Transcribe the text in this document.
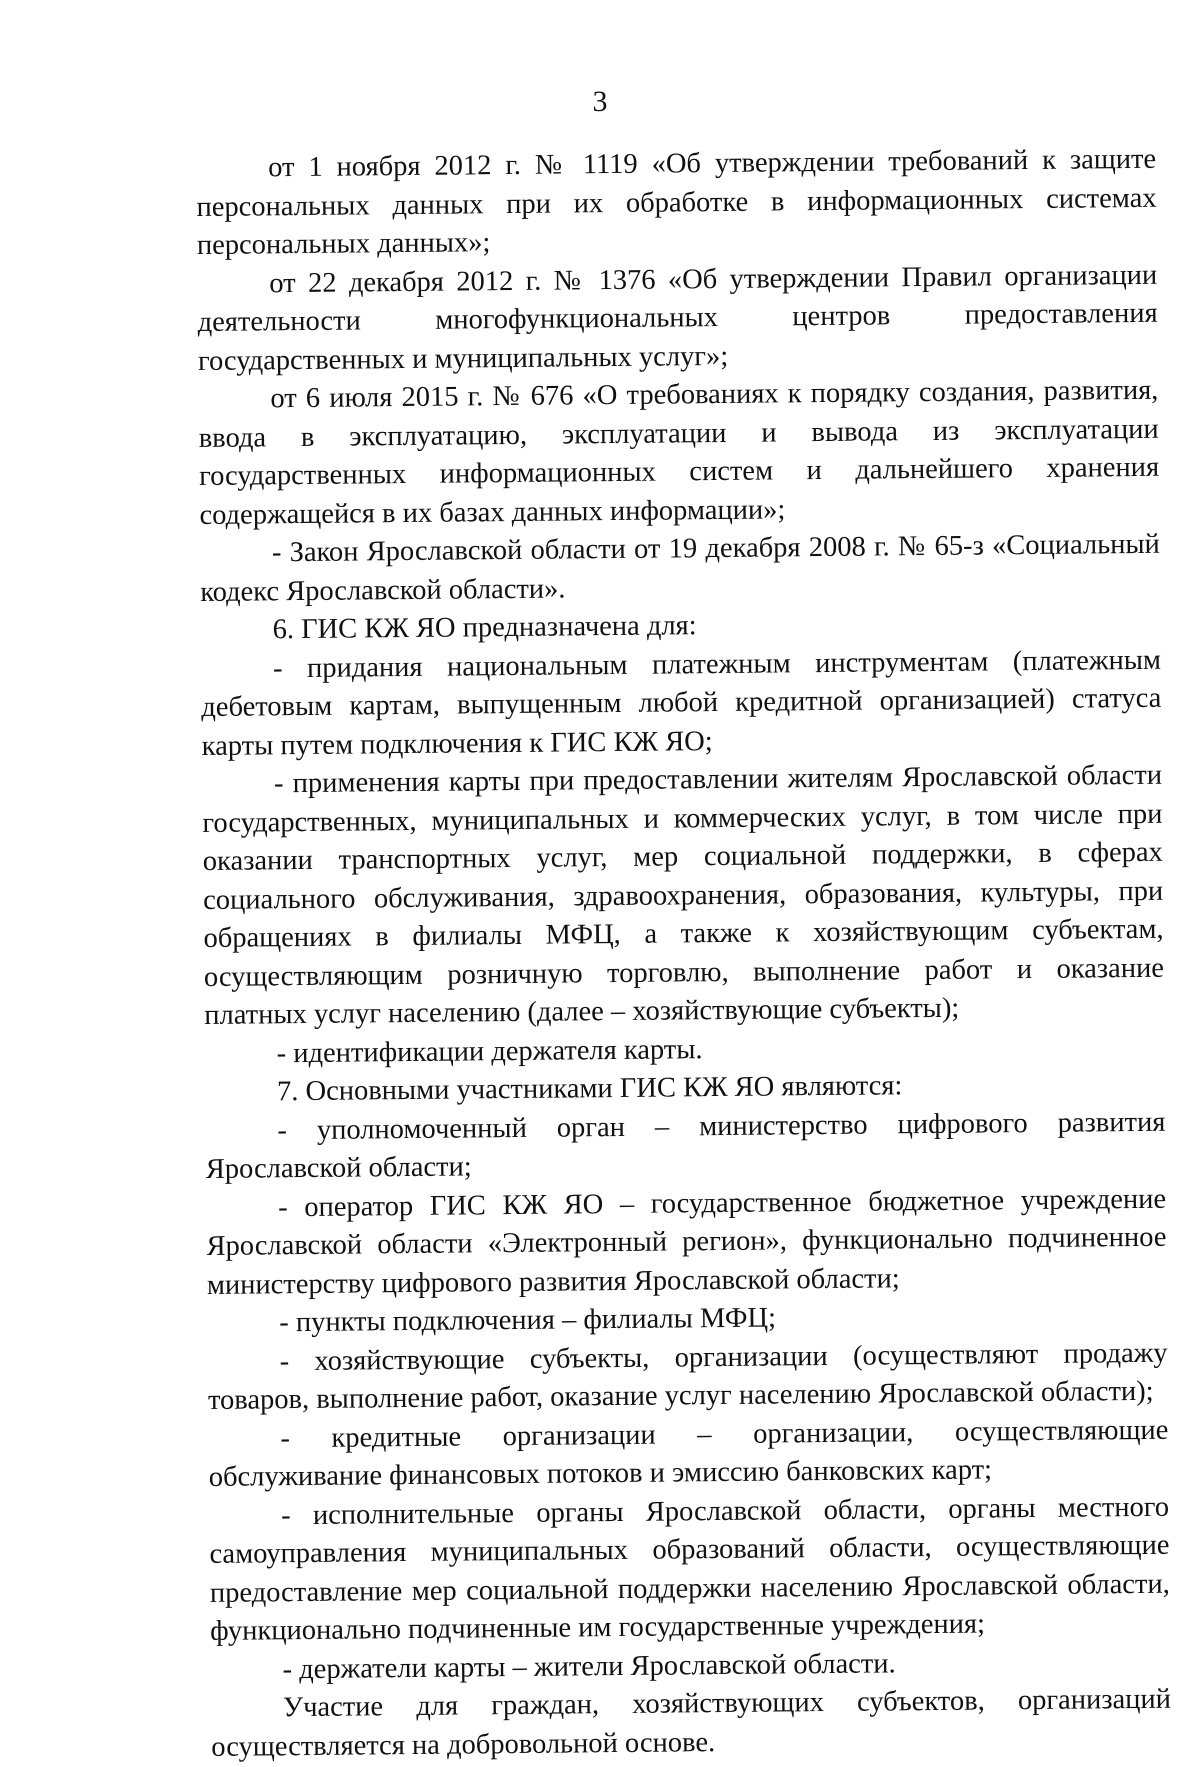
3

от 1 ноября 2012 г. № 1119 «Об утверждении требований к защите персональных данных при их обработке в информационных системах персональных данных»;

от 22 декабря 2012 г. № 1376 «Об утверждении Правил организации деятельности многофункциональных центров предоставления государственных и муниципальных услуг»;

от 6 июля 2015 г. № 676 «О требованиях к порядку создания, развития, ввода в эксплуатацию, эксплуатации и вывода из эксплуатации государственных информационных систем и дальнейшего хранения содержащейся в их базах данных информации»;

- Закон Ярославской области от 19 декабря 2008 г. № 65-з «Социальный кодекс Ярославской области».

6. ГИС КЖ ЯО предназначена для:

- придания национальным платежным инструментам (платежным дебетовым картам, выпущенным любой кредитной организацией) статуса карты путем подключения к ГИС КЖ ЯО;

- применения карты при предоставлении жителям Ярославской области государственных, муниципальных и коммерческих услуг, в том числе при оказании транспортных услуг, мер социальной поддержки, в сферах социального обслуживания, здравоохранения, образования, культуры, при обращениях в филиалы МФЦ, а также к хозяйствующим субъектам, осуществляющим розничную торговлю, выполнение работ и оказание платных услуг населению (далее – хозяйствующие субъекты);

- идентификации держателя карты.

7. Основными участниками ГИС КЖ ЯО являются:

- уполномоченный орган – министерство цифрового развития Ярославской области;

- оператор ГИС КЖ ЯО – государственное бюджетное учреждение Ярославской области «Электронный регион», функционально подчиненное министерству цифрового развития Ярославской области;

- пункты подключения – филиалы МФЦ;

- хозяйствующие субъекты, организации (осуществляют продажу товаров, выполнение работ, оказание услуг населению Ярославской области);

- кредитные организации – организации, осуществляющие обслуживание финансовых потоков и эмиссию банковских карт;

- исполнительные органы Ярославской области, органы местного самоуправления муниципальных образований области, осуществляющие предоставление мер социальной поддержки населению Ярославской области, функционально подчиненные им государственные учреждения;

- держатели карты – жители Ярославской области.

Участие для граждан, хозяйствующих субъектов, организаций осуществляется на добровольной основе.
